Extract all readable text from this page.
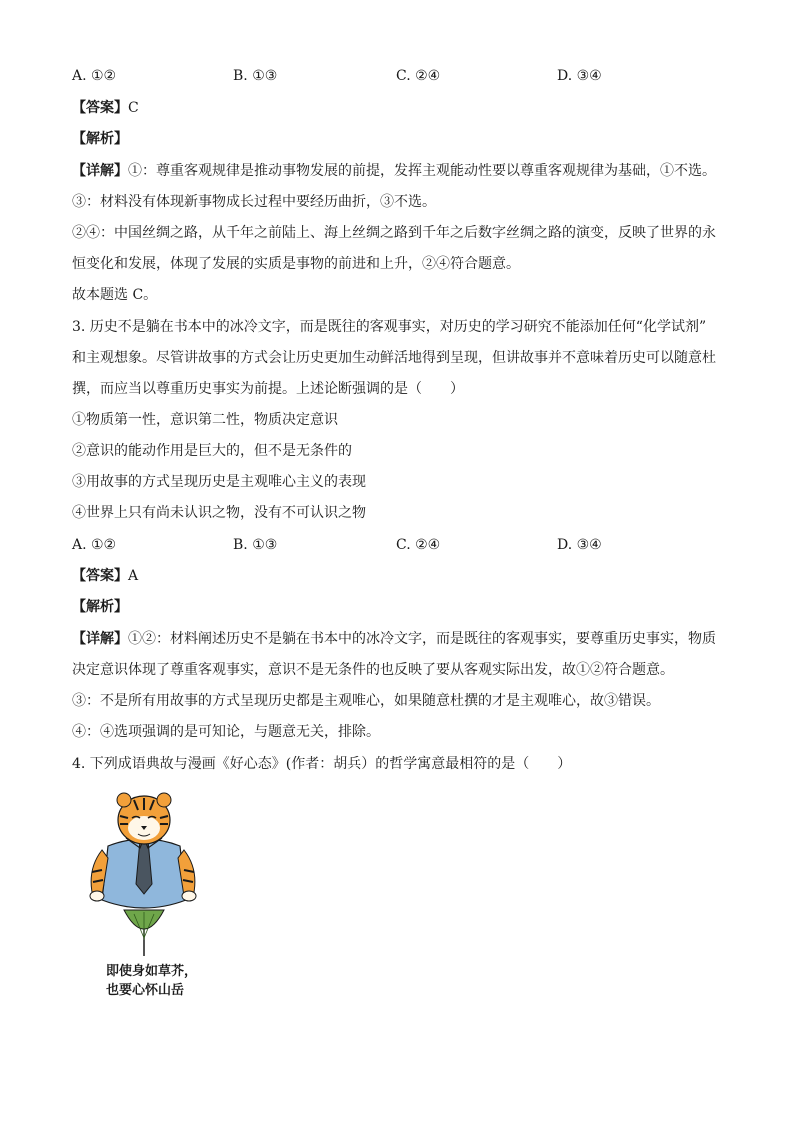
A. ①②	B. ①③	C. ②④	D. ③④
【答案】C
【解析】
【详解】①：尊重客观规律是推动事物发展的前提，发挥主观能动性要以尊重客观规律为基础，①不选。
③：材料没有体现新事物成长过程中要经历曲折，③不选。
②④：中国丝绸之路，从千年之前陆上、海上丝绸之路到千年之后数字丝绸之路的演变，反映了世界的永
恒变化和发展，体现了发展的实质是事物的前进和上升，②④符合题意。
故本题选 C。
3. 历史不是躺在书本中的冰冷文字，而是既往的客观事实，对历史的学习研究不能添加任何“化学试剂”
和主观想象。尽管讲故事的方式会让历史更加生动鲜活地得到呈现，但讲故事并不意味着历史可以随意杜
撰，而应当以尊重历史事实为前提。上述论断强调的是（　　）
①物质第一性，意识第二性，物质决定意识
②意识的能动作用是巨大的，但不是无条件的
③用故事的方式呈现历史是主观唯心主义的表现
④世界上只有尚未认识之物，没有不可认识之物
A. ①②	B. ①③	C. ②④	D. ③④
【答案】A
【解析】
【详解】①②：材料阐述历史不是躺在书本中的冰冷文字，而是既往的客观事实，要尊重历史事实，物质
决定意识体现了尊重客观事实，意识不是无条件的也反映了要从客观实际出发，故①②符合题意。
③：不是所有用故事的方式呈现历史都是主观唯心，如果随意杜撰的才是主观唯心，故③错误。
④：④选项强调的是可知论，与题意无关，排除。
4. 下列成语典故与漫画《好心态》(作者：胡兵）的哲学寓意最相符的是（　　）
即使身如草芥，
也要心怀山岳
